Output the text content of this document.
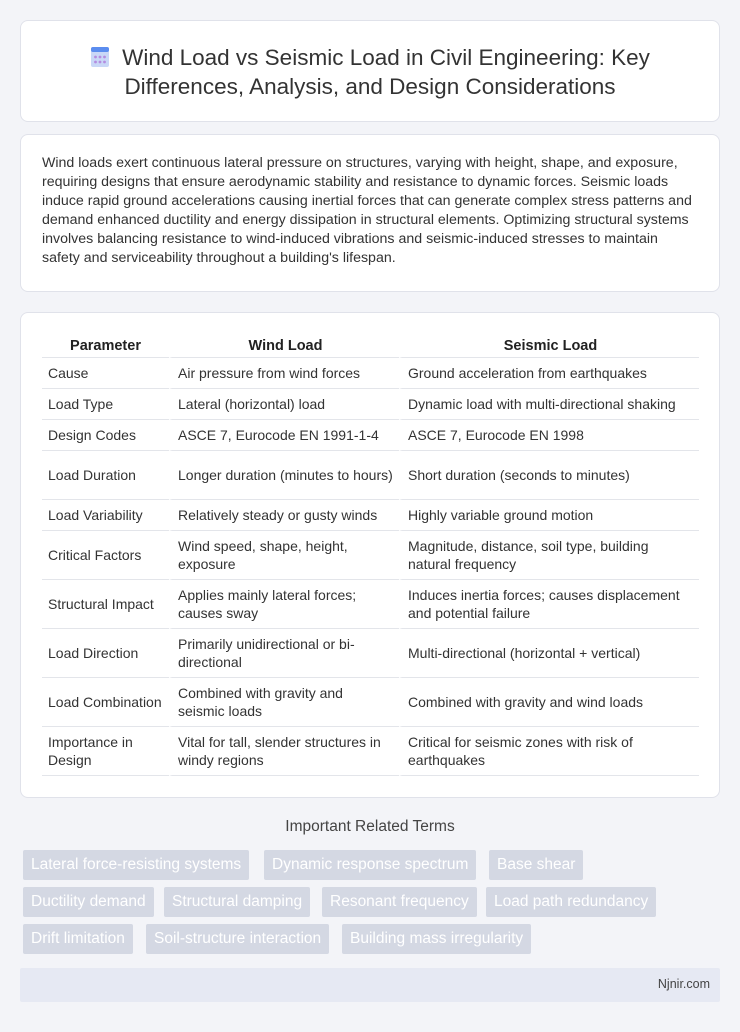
Wind Load vs Seismic Load in Civil Engineering: Key
Differences, Analysis, and Design Considerations

Wind loads exert continuous lateral pressure on structures, varying with height, shape, and exposure, requiring designs that ensure aerodynamic stability and resistance to dynamic forces. Seismic loads induce rapid ground accelerations causing inertial forces that can generate complex stress patterns and demand enhanced ductility and energy dissipation in structural elements. Optimizing structural systems involves balancing resistance to wind-induced vibrations and seismic-induced stresses to maintain safety and serviceability throughout a building's lifespan.

Parameter	Wind Load	Seismic Load
Cause	Air pressure from wind forces	Ground acceleration from earthquakes
Load Type	Lateral (horizontal) load	Dynamic load with multi-directional shaking
Design Codes	ASCE 7, Eurocode EN 1991-1-4	ASCE 7, Eurocode EN 1998
Load Duration	Longer duration (minutes to hours)	Short duration (seconds to minutes)
Load Variability	Relatively steady or gusty winds	Highly variable ground motion
Critical Factors	Wind speed, shape, height, exposure	Magnitude, distance, soil type, building natural frequency
Structural Impact	Applies mainly lateral forces; causes sway	Induces inertia forces; causes displacement and potential failure
Load Direction	Primarily unidirectional or bi-directional	Multi-directional (horizontal + vertical)
Load Combination	Combined with gravity and seismic loads	Combined with gravity and wind loads
Importance in Design	Vital for tall, slender structures in windy regions	Critical for seismic zones with risk of earthquakes
Important Related Terms
Lateral force-resisting systems	Dynamic response spectrum	Base shear
Ductility demand	Structural damping	Resonant frequency	Load path redundancy
Drift limitation	Soil-structure interaction	Building mass irregularity
Njnir.com
